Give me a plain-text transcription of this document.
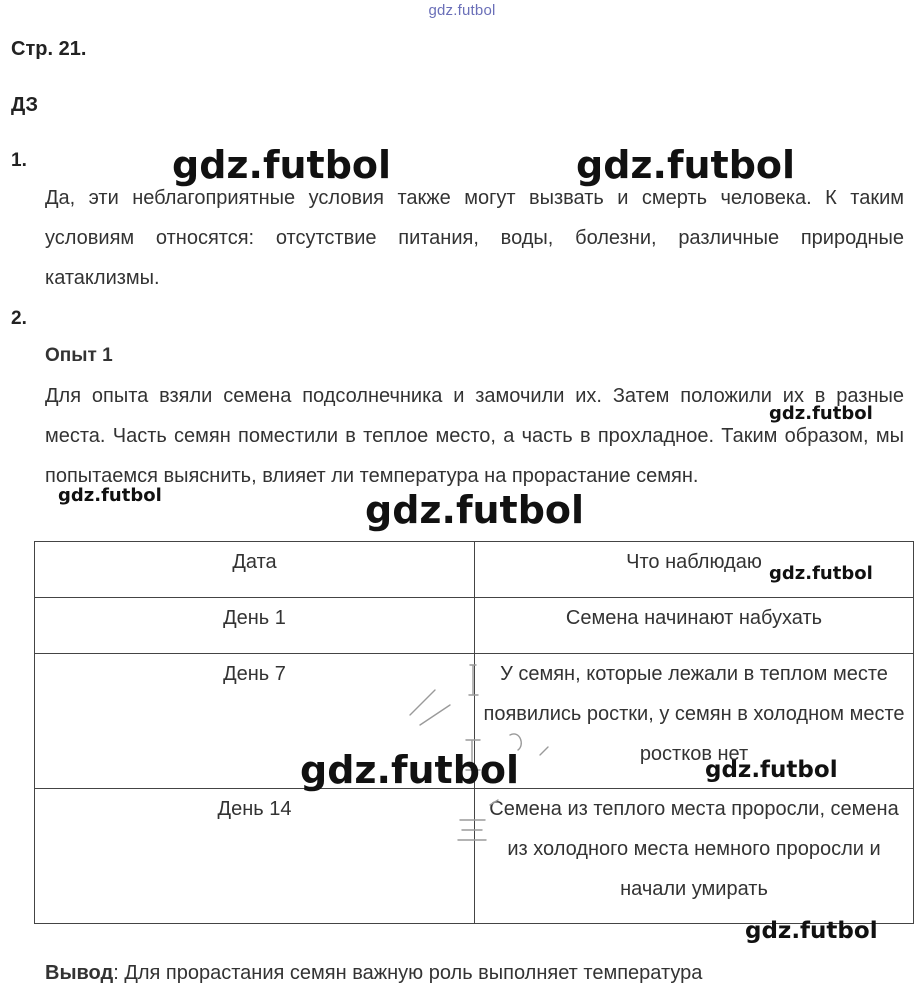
gdz.futbol
Стр. 21.
ДЗ
1.
Да, эти неблагоприятные условия также могут вызвать и смерть человека. К таким условиям относятся: отсутствие питания, воды, болезни, различные природные катаклизмы.
2.
Опыт 1
Для опыта взяли семена подсолнечника и замочили их. Затем положили их в разные места. Часть семян поместили в теплое место, а часть в прохладное. Таким образом, мы попытаемся выяснить, влияет ли температура на прорастание семян.
Дата	Что наблюдаю

День 1	Семена начинают набухать

День 7	У семян, которые лежали в теплом месте появились ростки, у семян в холодном месте ростков нет

День 14	Семена из теплого места проросли, семена из холодного места немного проросли и начали умирать
Вывод: Для прорастания семян важную роль выполняет температура
gdz.futbol	gdz.futbol
gdz.futbol
gdz.futbol	gdz.futbol
gdz.futbol
gdz.futbol	gdz.futbol
gdz.futbol
